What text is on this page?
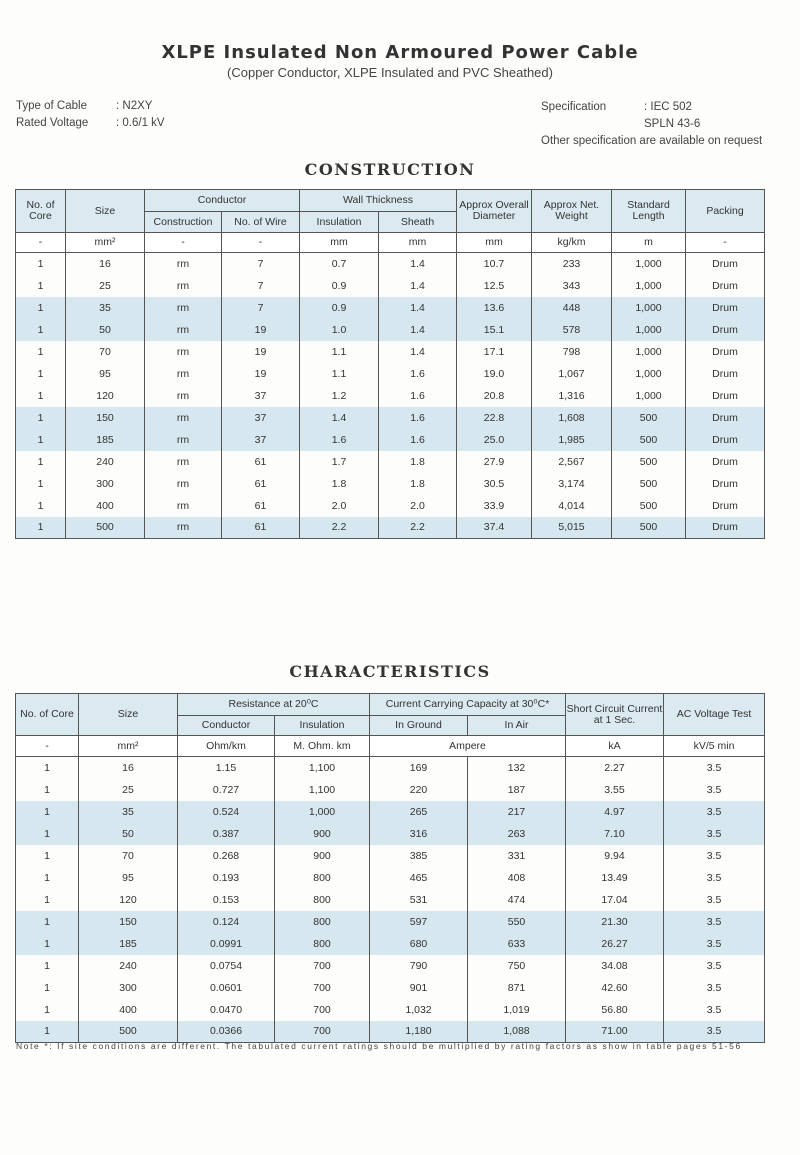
XLPE Insulated Non Armoured Power Cable
(Copper Conductor, XLPE Insulated and PVC Sheathed)
Type of Cable	: N2XY
Rated Voltage	: 0.6/1 kV
Specification	: IEC 502
SPLN 43-6
Other specification are available on request
CONSTRUCTION
No. of Core	Size	Conductor		Wall Thickness		Approx Overall Diameter	Approx Net. Weight	Standard Length	Packing
		Construction	No. of Wire	Insulation	Sheath				
-	mm²	-	-	mm	mm	mm	kg/km	m	-
1	16	rm	7	0.7	1.4	10.7	233	1,000	Drum
1	25	rm	7	0.9	1.4	12.5	343	1,000	Drum
1	35	rm	7	0.9	1.4	13.6	448	1,000	Drum
1	50	rm	19	1.0	1.4	15.1	578	1,000	Drum
1	70	rm	19	1.1	1.4	17.1	798	1,000	Drum
1	95	rm	19	1.1	1.6	19.0	1,067	1,000	Drum
1	120	rm	37	1.2	1.6	20.8	1,316	1,000	Drum
1	150	rm	37	1.4	1.6	22.8	1,608	500	Drum
1	185	rm	37	1.6	1.6	25.0	1,985	500	Drum
1	240	rm	61	1.7	1.8	27.9	2,567	500	Drum
1	300	rm	61	1.8	1.8	30.5	3,174	500	Drum
1	400	rm	61	2.0	2.0	33.9	4,014	500	Drum
1	500	rm	61	2.2	2.2	37.4	5,015	500	Drum
CHARACTERISTICS
No. of Core	Size	Resistance at 20⁰C		Current Carrying Capacity at 30⁰C*		Short Circuit Current at 1 Sec.	AC Voltage Test
		Conductor	Insulation	In Ground	In Air		
-	mm²	Ohm/km	M. Ohm. km	Ampere		kA	kV/5 min
1	16	1.15	1,100	169	132	2.27	3.5
1	25	0.727	1,100	220	187	3.55	3.5
1	35	0.524	1,000	265	217	4.97	3.5
1	50	0.387	900	316	263	7.10	3.5
1	70	0.268	900	385	331	9.94	3.5
1	95	0.193	800	465	408	13.49	3.5
1	120	0.153	800	531	474	17.04	3.5
1	150	0.124	800	597	550	21.30	3.5
1	185	0.0991	800	680	633	26.27	3.5
1	240	0.0754	700	790	750	34.08	3.5
1	300	0.0601	700	901	871	42.60	3.5
1	400	0.0470	700	1,032	1,019	56.80	3.5
1	500	0.0366	700	1,180	1,088	71.00	3.5
Note *: If site conditions are different. The tabulated current ratings should be multiplied by rating factors as show in table pages 51-56
